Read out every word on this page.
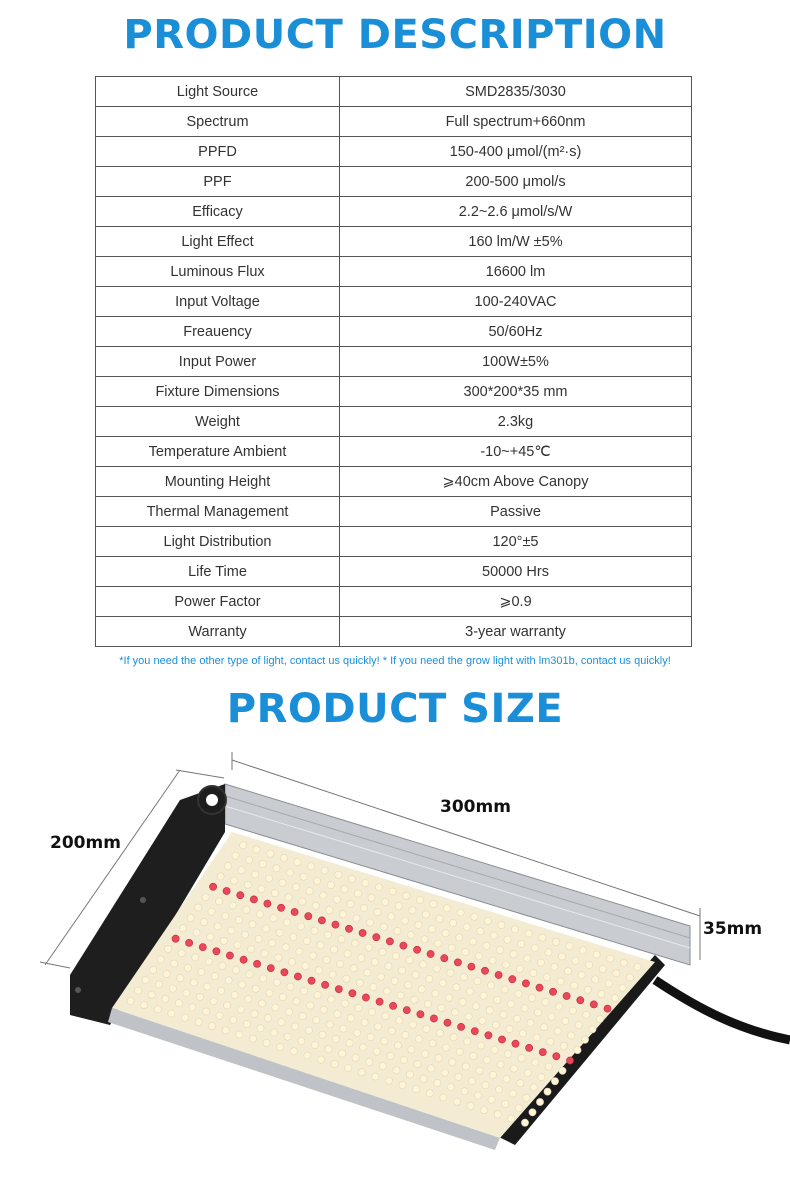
PRODUCT DESCRIPTION
Light Source	SMD2835/3030
Spectrum	Full spectrum+660nm
PPFD	150-400 μmol/(m²·s)
PPF	200-500 μmol/s
Efficacy	2.2~2.6 μmol/s/W
Light Effect	160 lm/W ±5%
Luminous Flux	16600 lm
Input Voltage	100-240VAC
Freauency	50/60Hz
Input Power	100W±5%
Fixture Dimensions	300*200*35 mm
Weight	2.3kg
Temperature Ambient	-10~+45℃
Mounting Height	⩾40cm Above Canopy
Thermal Management	Passive
Light Distribution	120°±5
Life Time	50000 Hrs
Power Factor	⩾0.9
Warranty	3-year warranty
*If you need the other type of light, contact us quickly! * If you need the grow light with lm301b, contact us quickly!
PRODUCT SIZE
300mm
200mm
35mm
